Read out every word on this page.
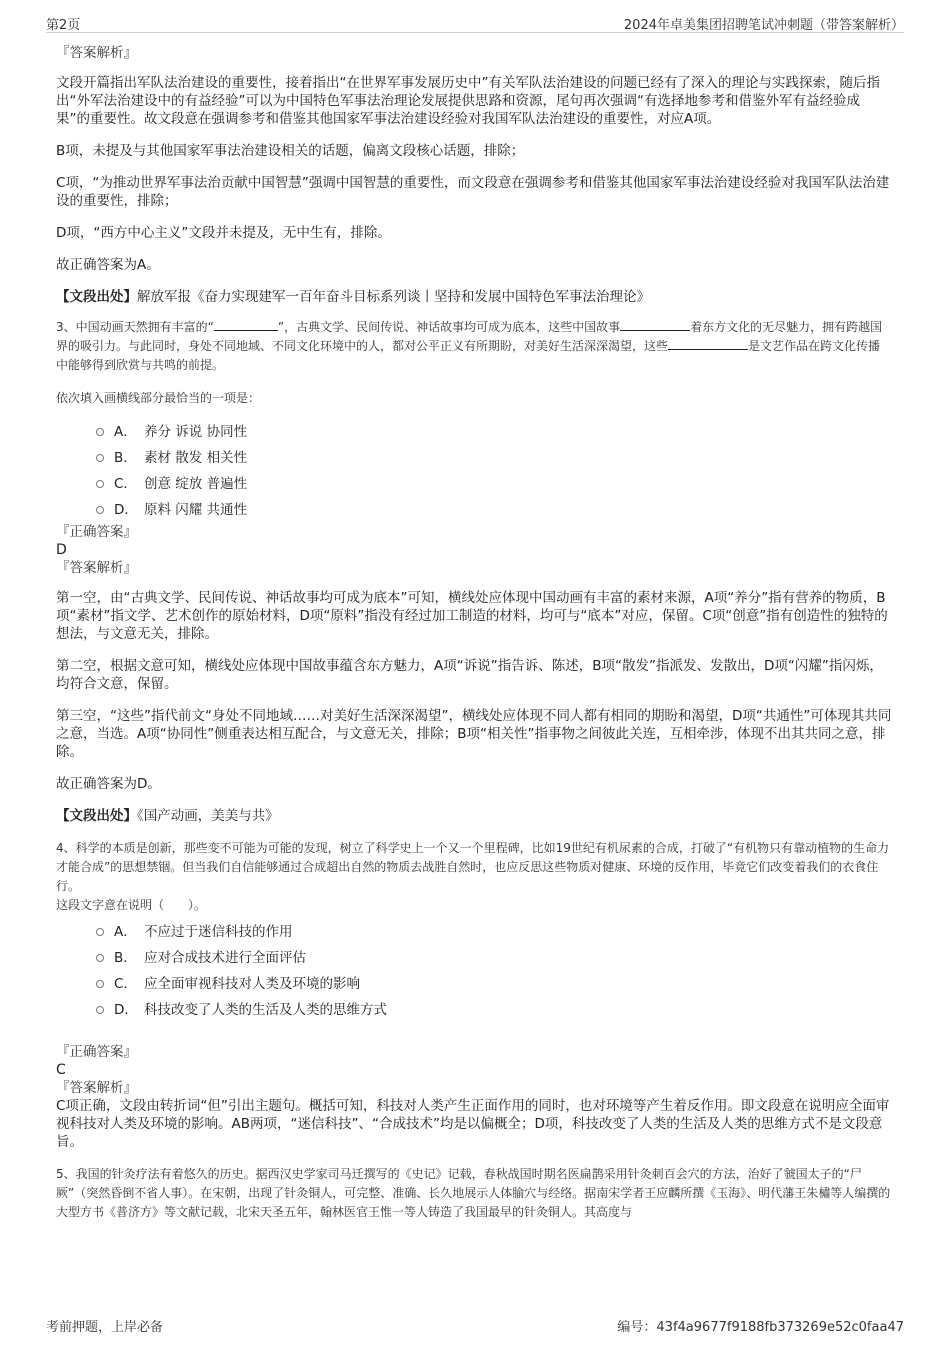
第2页	2024年卓美集团招聘笔试冲刺题（带答案解析）
『答案解析』

文段开篇指出军队法治建设的重要性，接着指出“在世界军事发展历史中”有关军队法治建设的问题已经有了深入的理论与实践探索，随后指出“外军法治建设中的有益经验”可以为中国特色军事法治理论发展提供思路和资源，尾句再次强调“有选择地参考和借鉴外军有益经验成果”的重要性。故文段意在强调参考和借鉴其他国家军事法治建设经验对我国军队法治建设的重要性，对应A项。

B项，未提及与其他国家军事法治建设相关的话题，偏离文段核心话题，排除；

C项，“为推动世界军事法治贡献中国智慧”强调中国智慧的重要性，而文段意在强调参考和借鉴其他国家军事法治建设经验对我国军队法治建设的重要性，排除；

D项，“西方中心主义”文段并未提及，无中生有，排除。

故正确答案为A。

【文段出处】解放军报《奋力实现建军一百年奋斗目标系列谈丨坚持和发展中国特色军事法治理论》

3、中国动画天然拥有丰富的“	”，古典文学、民间传说、神话故事均可成为底本，这些中国故事	着东方文化的无尽魅力，拥有跨越国界的吸引力。与此同时，身处不同地域、不同文化环境中的人，都对公平正义有所期盼，对美好生活深深渴望，这些	是文艺作品在跨文化传播中能够得到欣赏与共鸣的前提。

依次填入画横线部分最恰当的一项是：

A． 养分 诉说 协同性

B． 素材 散发 相关性

C． 创意 绽放 普遍性

D． 原料 闪耀 共通性

『正确答案』
D
『答案解析』

第一空，由“古典文学、民间传说、神话故事均可成为底本”可知，横线处应体现中国动画有丰富的素材来源，A项“养分”指有营养的物质，B项“素材”指文学、艺术创作的原始材料，D项“原料”指没有经过加工制造的材料，均可与“底本”对应，保留。C项“创意”指有创造性的独特的想法，与文意无关，排除。

第二空，根据文意可知，横线处应体现中国故事蕴含东方魅力，A项“诉说”指告诉、陈述，B项“散发”指派发、发散出，D项“闪耀”指闪烁，均符合文意，保留。

第三空，“这些”指代前文“身处不同地域……对美好生活深深渴望”，横线处应体现不同人都有相同的期盼和渴望，D项“共通性”可体现其共同之意，当选。A项“协同性”侧重表达相互配合，与文意无关，排除；B项“相关性”指事物之间彼此关连，互相牵涉，体现不出其共同之意，排除。

故正确答案为D。

【文段出处】《国产动画，美美与共》

4、科学的本质是创新，那些变不可能为可能的发现，树立了科学史上一个又一个里程碑，比如19世纪有机尿素的合成，打破了“有机物只有靠动植物的生命力才能合成”的思想禁锢。但当我们自信能够通过合成超出自然的物质去战胜自然时，也应反思这些物质对健康、环境的反作用，毕竟它们改变着我们的衣食住行。

这段文字意在说明（　　）。

A． 不应过于迷信科技的作用

B． 应对合成技术进行全面评估

C． 应全面审视科技对人类及环境的影响

D． 科技改变了人类的生活及人类的思维方式

『正确答案』
C
『答案解析』

C项正确，文段由转折词“但”引出主题句。概括可知，科技对人类产生正面作用的同时，也对环境等产生着反作用。即文段意在说明应全面审视科技对人类及环境的影响。AB两项，“迷信科技”、“合成技术”均是以偏概全；D项，科技改变了人类的生活及人类的思维方式不是文段意旨。

5、我国的针灸疗法有着悠久的历史。据西汉史学家司马迁撰写的《史记》记载，春秋战国时期名医扁鹊采用针灸刺百会穴的方法，治好了虢国太子的“尸厥”（突然昏倒不省人事）。在宋朝，出现了针灸铜人，可完整、准确、长久地展示人体腧穴与经络。据南宋学者王应麟所撰《玉海》、明代藩王朱橚等人编撰的大型方书《普济方》等文献记载，北宋天圣五年，翰林医官王惟一等人铸造了我国最早的针灸铜人。其高度与

考前押题，上岸必备	编号：43f4a9677f9188fb373269e52c0faa47
